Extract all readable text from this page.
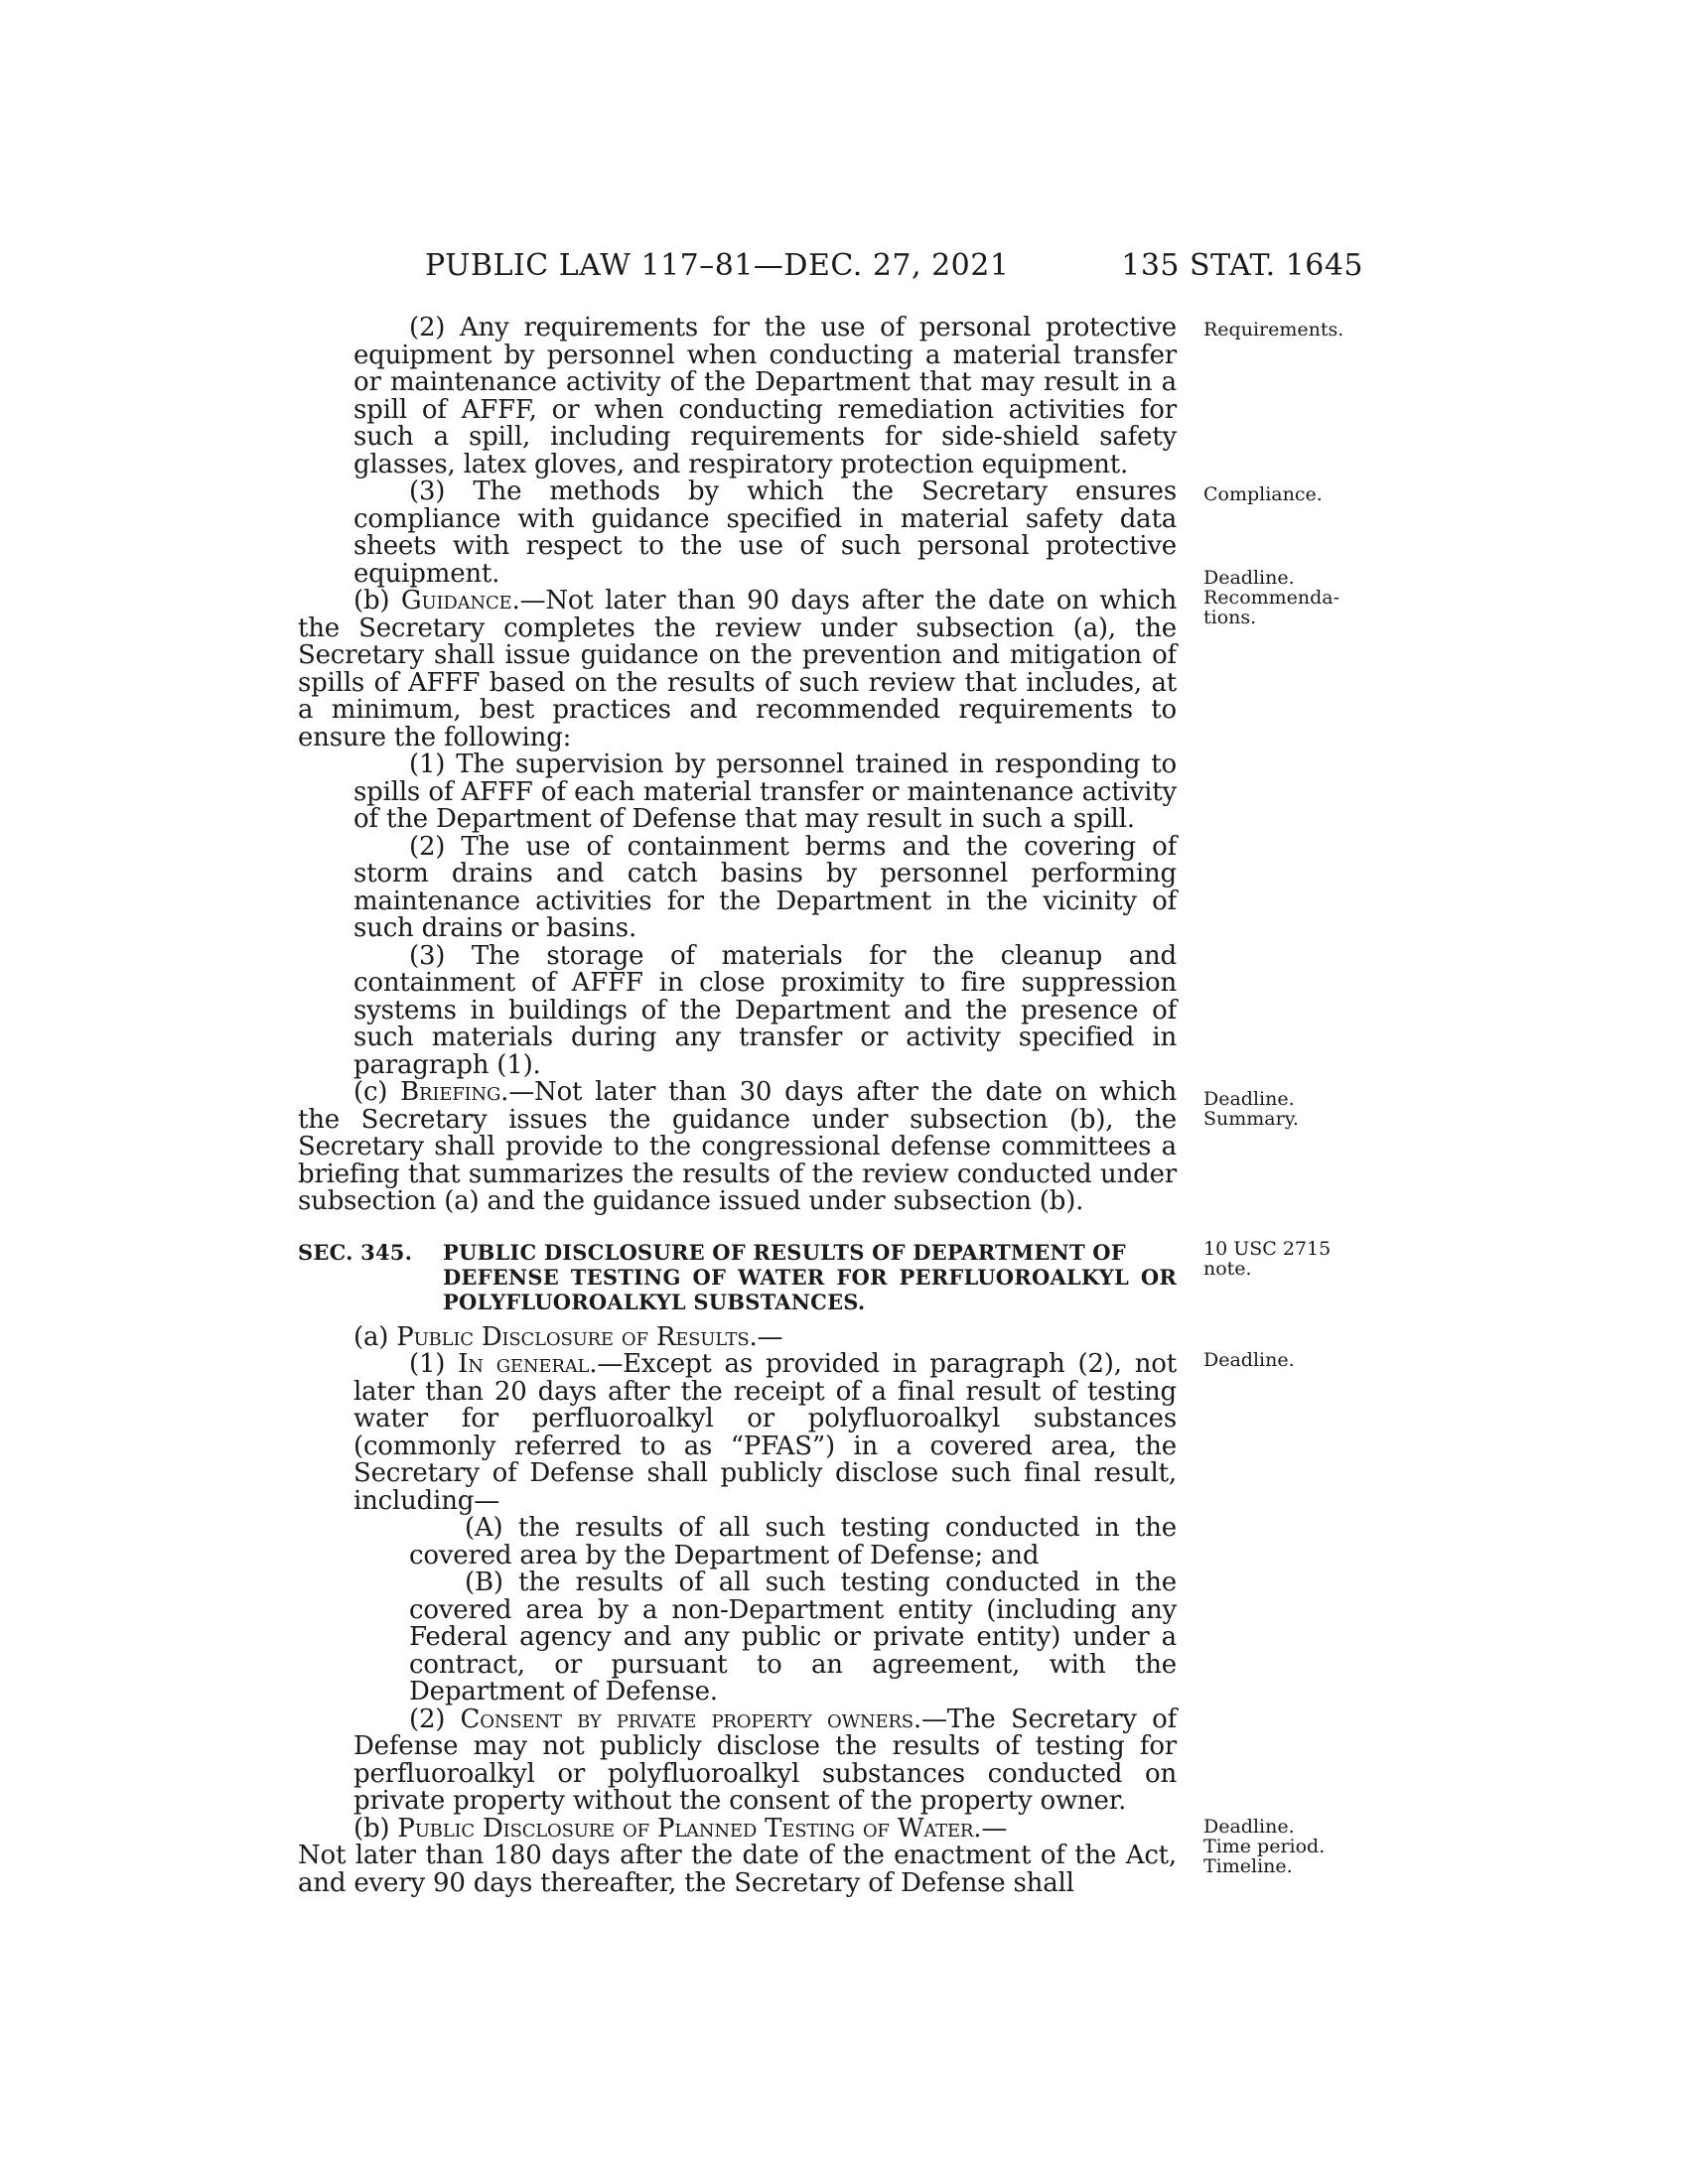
PUBLIC LAW 117–81—DEC. 27, 2021	135 STAT. 1645

(2) Any requirements for the use of personal protective equipment by personnel when conducting a material transfer or maintenance activity of the Department that may result in a spill of AFFF, or when conducting remediation activities for such a spill, including requirements for side-shield safety glasses, latex gloves, and respiratory protection equipment.

(3) The methods by which the Secretary ensures compliance with guidance specified in material safety data sheets with respect to the use of such personal protective equipment.

(b) Guidance.—Not later than 90 days after the date on which the Secretary completes the review under subsection (a), the Secretary shall issue guidance on the prevention and mitigation of spills of AFFF based on the results of such review that includes, at a minimum, best practices and recommended requirements to ensure the following:

(1) The supervision by personnel trained in responding to spills of AFFF of each material transfer or maintenance activity of the Department of Defense that may result in such a spill.

(2) The use of containment berms and the covering of storm drains and catch basins by personnel performing maintenance activities for the Department in the vicinity of such drains or basins.

(3) The storage of materials for the cleanup and containment of AFFF in close proximity to fire suppression systems in buildings of the Department and the presence of such materials during any transfer or activity specified in paragraph (1).

(c) Briefing.—Not later than 30 days after the date on which the Secretary issues the guidance under subsection (b), the Secretary shall provide to the congressional defense committees a briefing that summarizes the results of the review conducted under subsection (a) and the guidance issued under subsection (b).

SEC. 345. PUBLIC DISCLOSURE OF RESULTS OF DEPARTMENT OF
DEFENSE TESTING OF WATER FOR PERFLUOROALKYL OR POLYFLUOROALKYL SUBSTANCES.

(a) Public Disclosure of Results.—

(1) In general.—Except as provided in paragraph (2), not later than 20 days after the receipt of a final result of testing water for perfluoroalkyl or polyfluoroalkyl substances (commonly referred to as “PFAS”) in a covered area, the Secretary of Defense shall publicly disclose such final result, including—

(A) the results of all such testing conducted in the covered area by the Department of Defense; and

(B) the results of all such testing conducted in the covered area by a non-Department entity (including any Federal agency and any public or private entity) under a contract, or pursuant to an agreement, with the Department of Defense.

(2) Consent by private property owners.—The Secretary of Defense may not publicly disclose the results of testing for perfluoroalkyl or polyfluoroalkyl substances conducted on private property without the consent of the property owner.

(b) Public Disclosure of Planned Testing of Water.—

Not later than 180 days after the date of the enactment of the Act, and every 90 days thereafter, the Secretary of Defense shall

Requirements.
Compliance.
Deadline.
Recommenda-
tions.
Deadline.
Summary.
10 USC 2715
note.
Deadline.
Deadline.
Time period.
Timeline.
